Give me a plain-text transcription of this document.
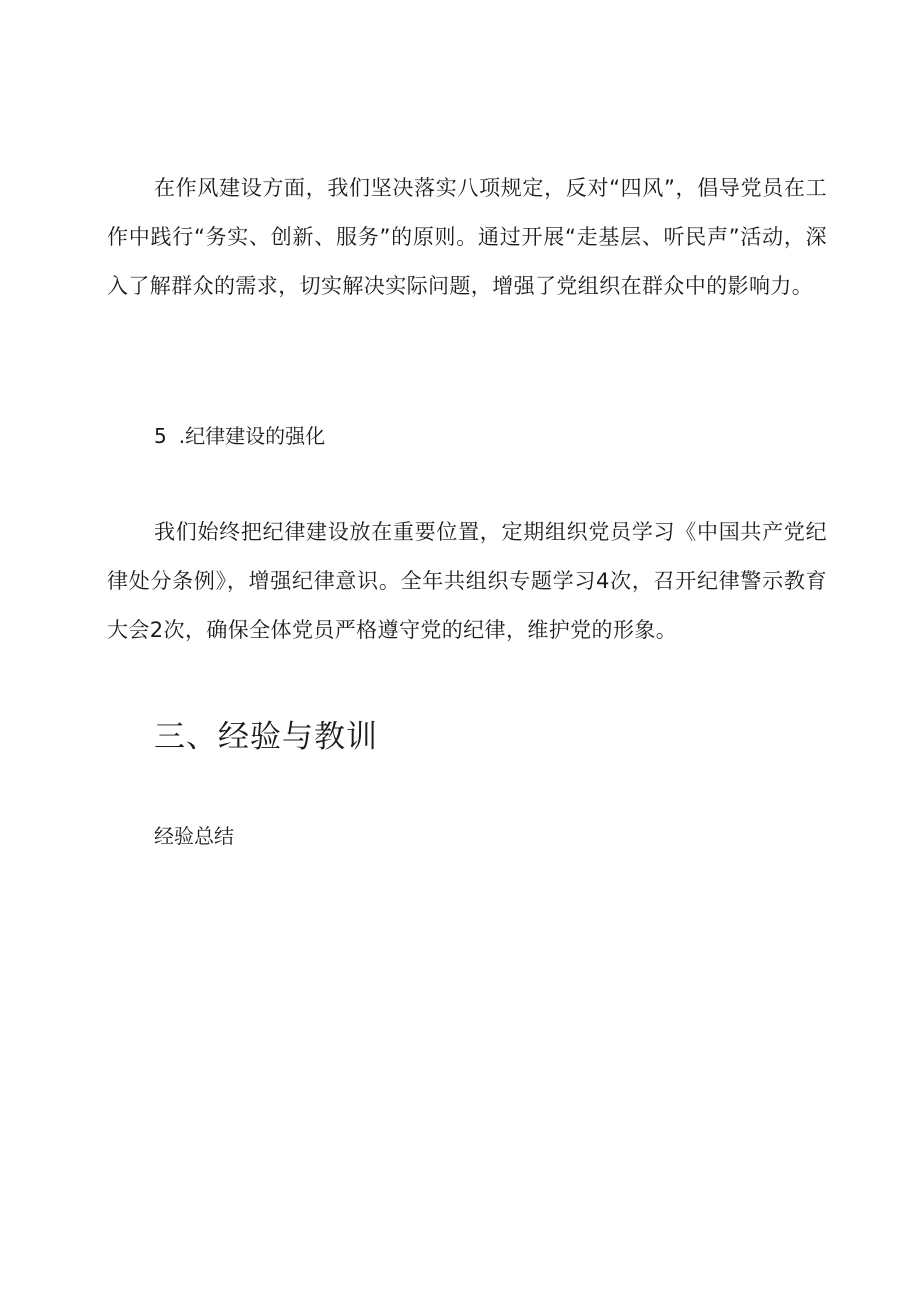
在作风建设方面，我们坚决落实八项规定，反对“四风”，倡导党员在工作中践行“务实、创新、服务”的原则。通过开展“走基层、听民声”活动，深入了解群众的需求，切实解决实际问题，增强了党组织在群众中的影响力。

5 .纪律建设的强化

我们始终把纪律建设放在重要位置，定期组织党员学习《中国共产党纪律处分条例》，增强纪律意识。全年共组织专题学习4次，召开纪律警示教育大会2次，确保全体党员严格遵守党的纪律，维护党的形象。

三、经验与教训

经验总结
